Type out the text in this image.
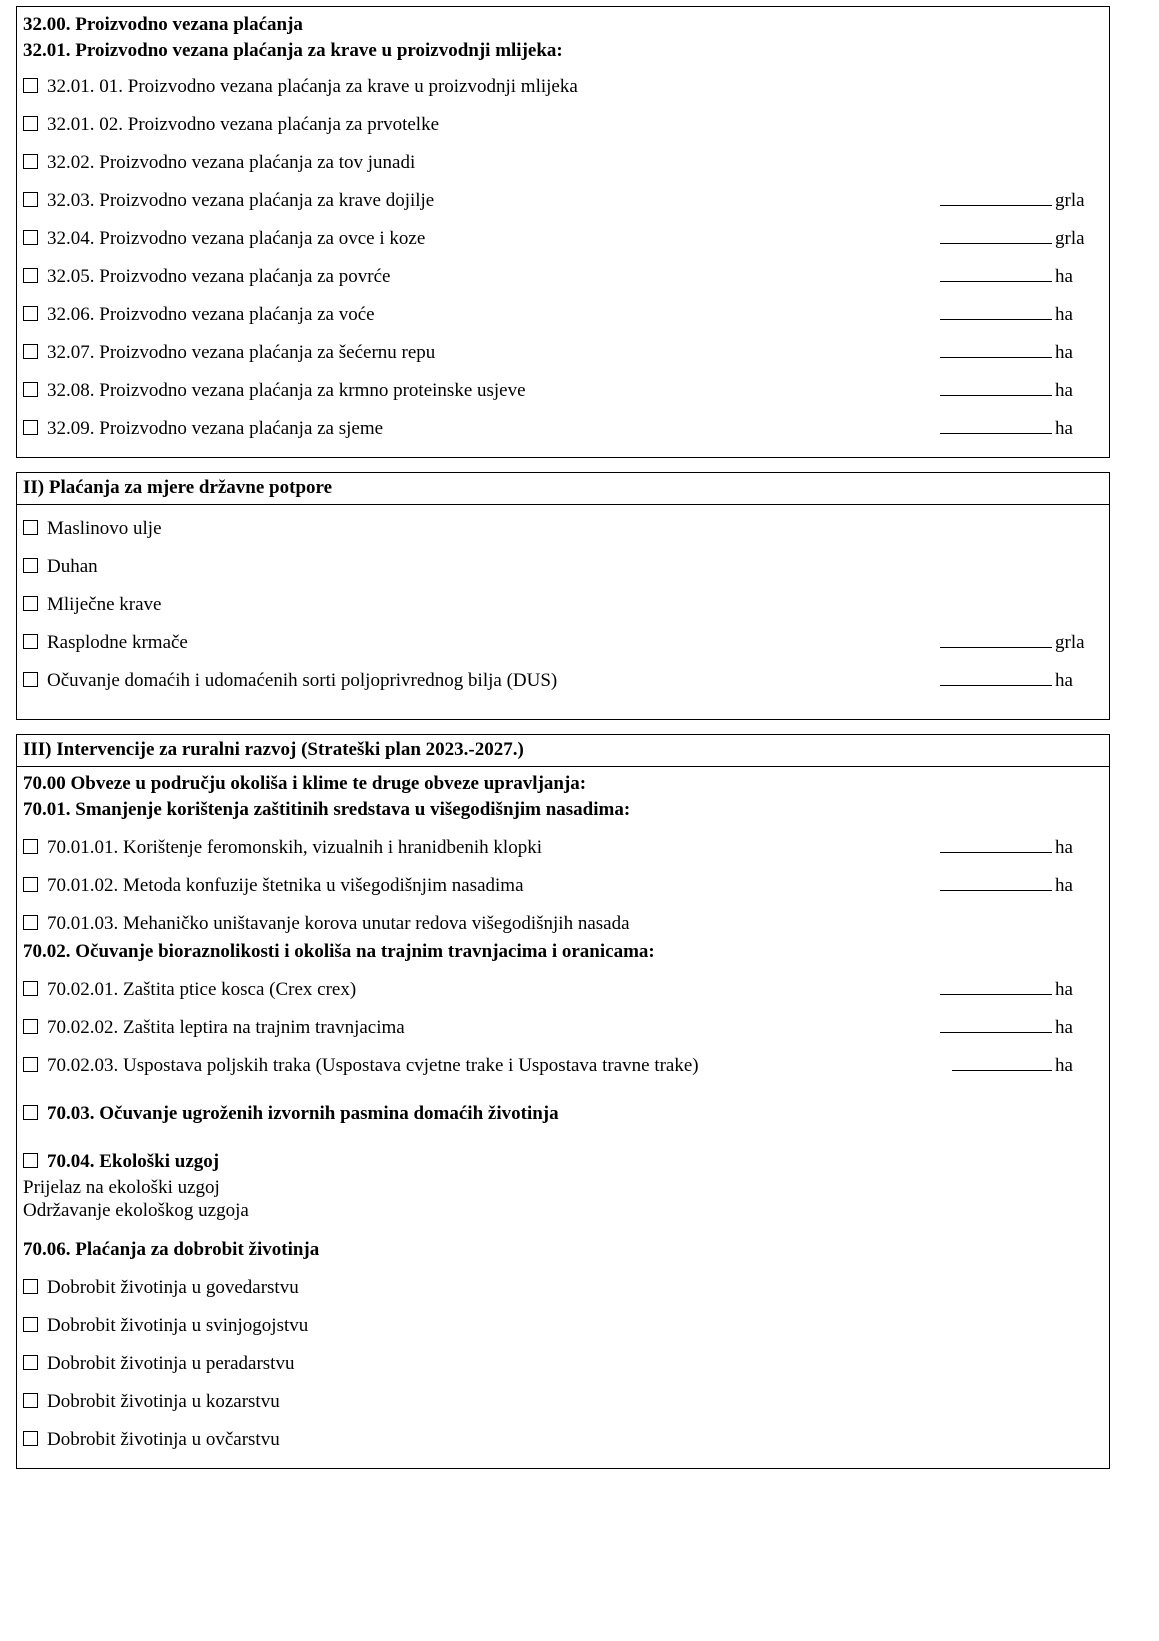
32.00. Proizvodno vezana plaćanja
32.01. Proizvodno vezana plaćanja za krave u proizvodnji mlijeka:
32.01. 01. Proizvodno vezana plaćanja za krave u proizvodnji mlijeka
32.01. 02. Proizvodno vezana plaćanja za prvotelke
32.02. Proizvodno vezana plaćanja za tov junadi
32.03. Proizvodno vezana plaćanja za krave dojilje	grla
32.04. Proizvodno vezana plaćanja za ovce i koze	grla
32.05. Proizvodno vezana plaćanja za povrće	ha
32.06. Proizvodno vezana plaćanja za voće	ha
32.07. Proizvodno vezana plaćanja za šećernu repu	ha
32.08. Proizvodno vezana plaćanja za krmno proteinske usjeve	ha
32.09. Proizvodno vezana plaćanja za sjeme	ha
II) Plaćanja za mjere državne potpore
Maslinovo ulje
Duhan
Mliječne krave
Rasplodne krmače	grla
Očuvanje domaćih i udomaćenih sorti poljoprivrednog bilja (DUS)	ha
III) Intervencije za ruralni razvoj (Strateški plan 2023.-2027.)
70.00 Obveze u području okoliša i klime te druge obveze upravljanja:
70.01. Smanjenje korištenja zaštitinih sredstava u višegodišnjim nasadima:
70.01.01. Korištenje feromonskih, vizualnih i hranidbenih klopki	ha
70.01.02. Metoda konfuzije štetnika u višegodišnjim nasadima	ha
70.01.03. Mehaničko uništavanje korova unutar redova višegodišnjih nasada
70.02. Očuvanje bioraznolikosti i okoliša na trajnim travnjacima i oranicama:
70.02.01. Zaštita ptice kosca (Crex crex)	ha
70.02.02. Zaštita leptira na trajnim travnjacima	ha
70.02.03. Uspostava poljskih traka (Uspostava cvjetne trake i Uspostava travne trake)	ha
70.03. Očuvanje ugroženih izvornih pasmina domaćih životinja
70.04. Ekološki uzgoj
Prijelaz na ekološki uzgoj
Održavanje ekološkog uzgoja
70.06. Plaćanja za dobrobit životinja
Dobrobit životinja u govedarstvu
Dobrobit životinja u svinjogojstvu
Dobrobit životinja u peradarstvu
Dobrobit životinja u kozarstvu
Dobrobit životinja u ovčarstvu
